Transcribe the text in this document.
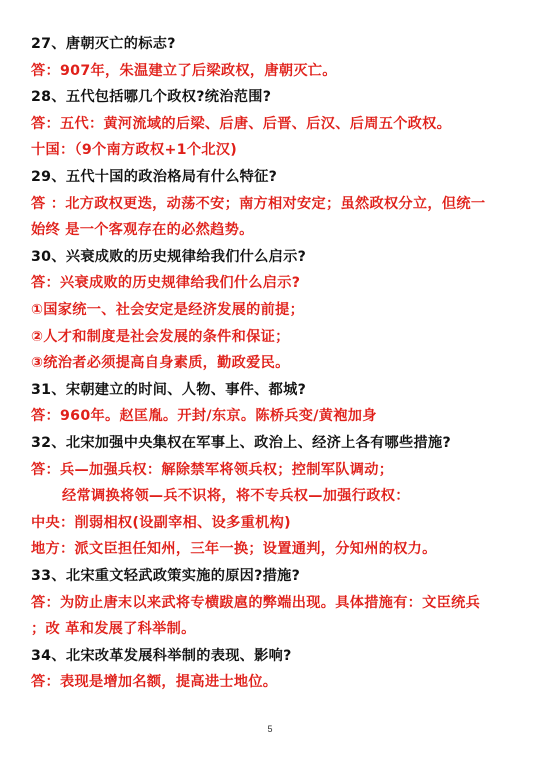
27、唐朝灭亡的标志?
答：907年，朱温建立了后梁政权，唐朝灭亡。
28、五代包括哪几个政权?统治范围?
答：五代：黄河流域的后梁、后唐、后晋、后汉、后周五个政权。
十国：（9个南方政权+1个北汉)
29、五代十国的政治格局有什么特征?
答 ：北方政权更迭，动荡不安；南方相对安定；虽然政权分立，但统一
始终 是一个客观存在的必然趋势。
30、兴衰成败的历史规律给我们什么启示?
答：兴衰成败的历史规律给我们什么启示?
①国家统一、社会安定是经济发展的前提；
②人才和制度是社会发展的条件和保证；
③统治者必须提高自身素质，勤政爱民。
31、宋朝建立的时间、人物、事件、都城?
答：960年。赵匡胤。开封/东京。陈桥兵变/黄袍加身
32、北宋加强中央集权在军事上、政治上、经济上各有哪些措施?
答：兵—加强兵权：解除禁军将领兵权；控制军队调动；
经常调换将领—兵不识将，将不专兵权—加强行政权：
中央：削弱相权(设副宰相、设多重机构)
地方：派文臣担任知州，三年一换；设置通判，分知州的权力。
33、北宋重文轻武政策实施的原因?措施?
答：为防止唐末以来武将专横跋扈的弊端出现。具体措施有：文臣统兵
；改 革和发展了科举制。
34、北宋改革发展科举制的表现、影响?
答：表现是增加名额，提高进士地位。
5
